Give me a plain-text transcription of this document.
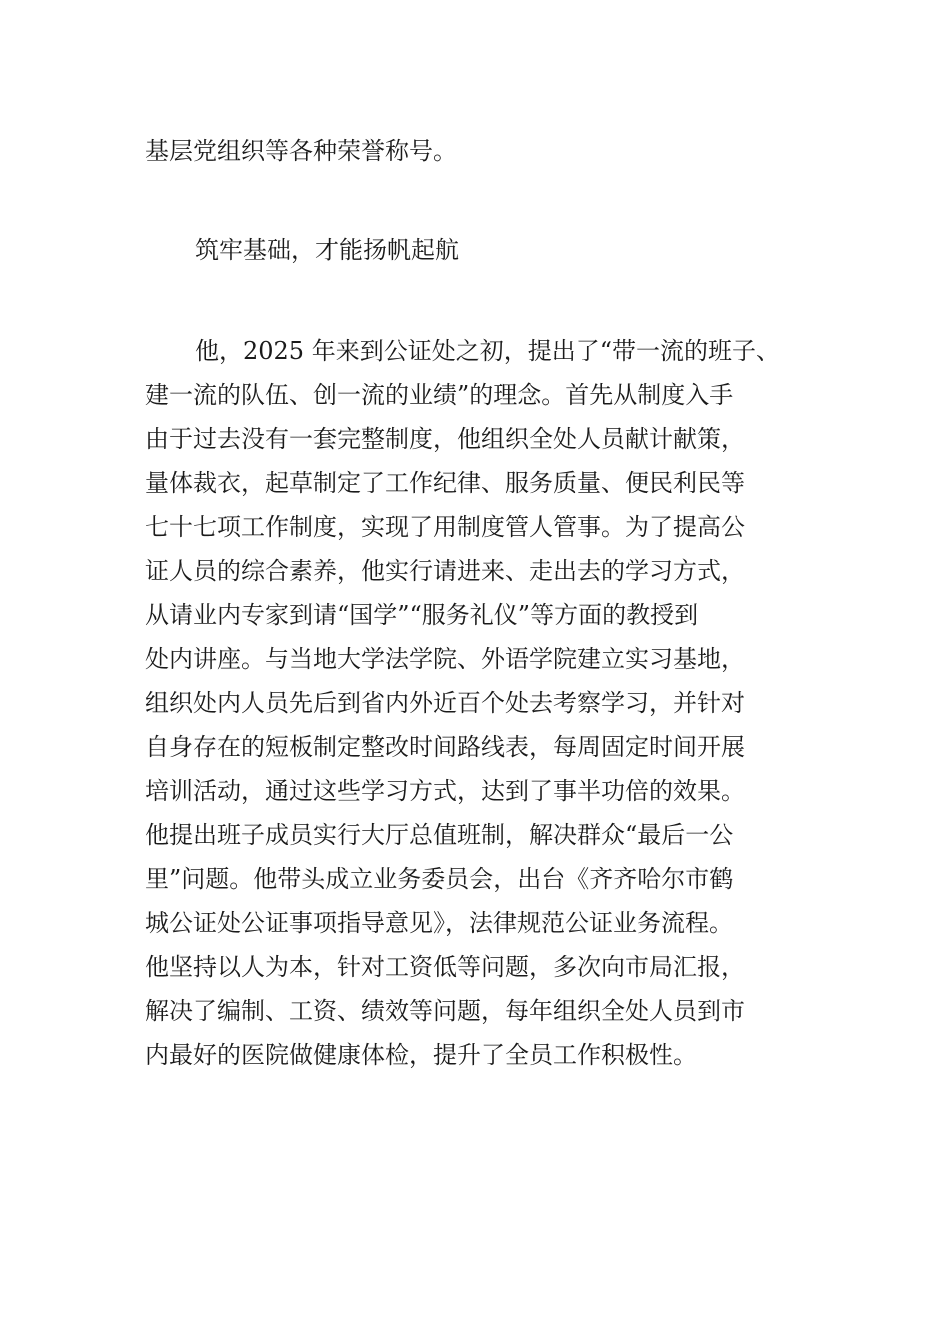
基层党组织等各种荣誉称号。
筑牢基础，才能扬帆起航
他，2025 年来到公证处之初，提出了“带一流的班子、
建一流的队伍、创一流的业绩”的理念。首先从制度入手
由于过去没有一套完整制度，他组织全处人员献计献策，
量体裁衣，起草制定了工作纪律、服务质量、便民利民等
七十七项工作制度，实现了用制度管人管事。为了提高公
证人员的综合素养，他实行请进来、走出去的学习方式，
从请业内专家到请“国学”“服务礼仪”等方面的教授到
处内讲座。与当地大学法学院、外语学院建立实习基地，
组织处内人员先后到省内外近百个处去考察学习，并针对
自身存在的短板制定整改时间路线表，每周固定时间开展
培训活动，通过这些学习方式，达到了事半功倍的效果。
他提出班子成员实行大厅总值班制，解决群众“最后一公
里”问题。他带头成立业务委员会，出台《齐齐哈尔市鹤
城公证处公证事项指导意见》，法律规范公证业务流程。
他坚持以人为本，针对工资低等问题，多次向市局汇报，
解决了编制、工资、绩效等问题，每年组织全处人员到市
内最好的医院做健康体检，提升了全员工作积极性。
